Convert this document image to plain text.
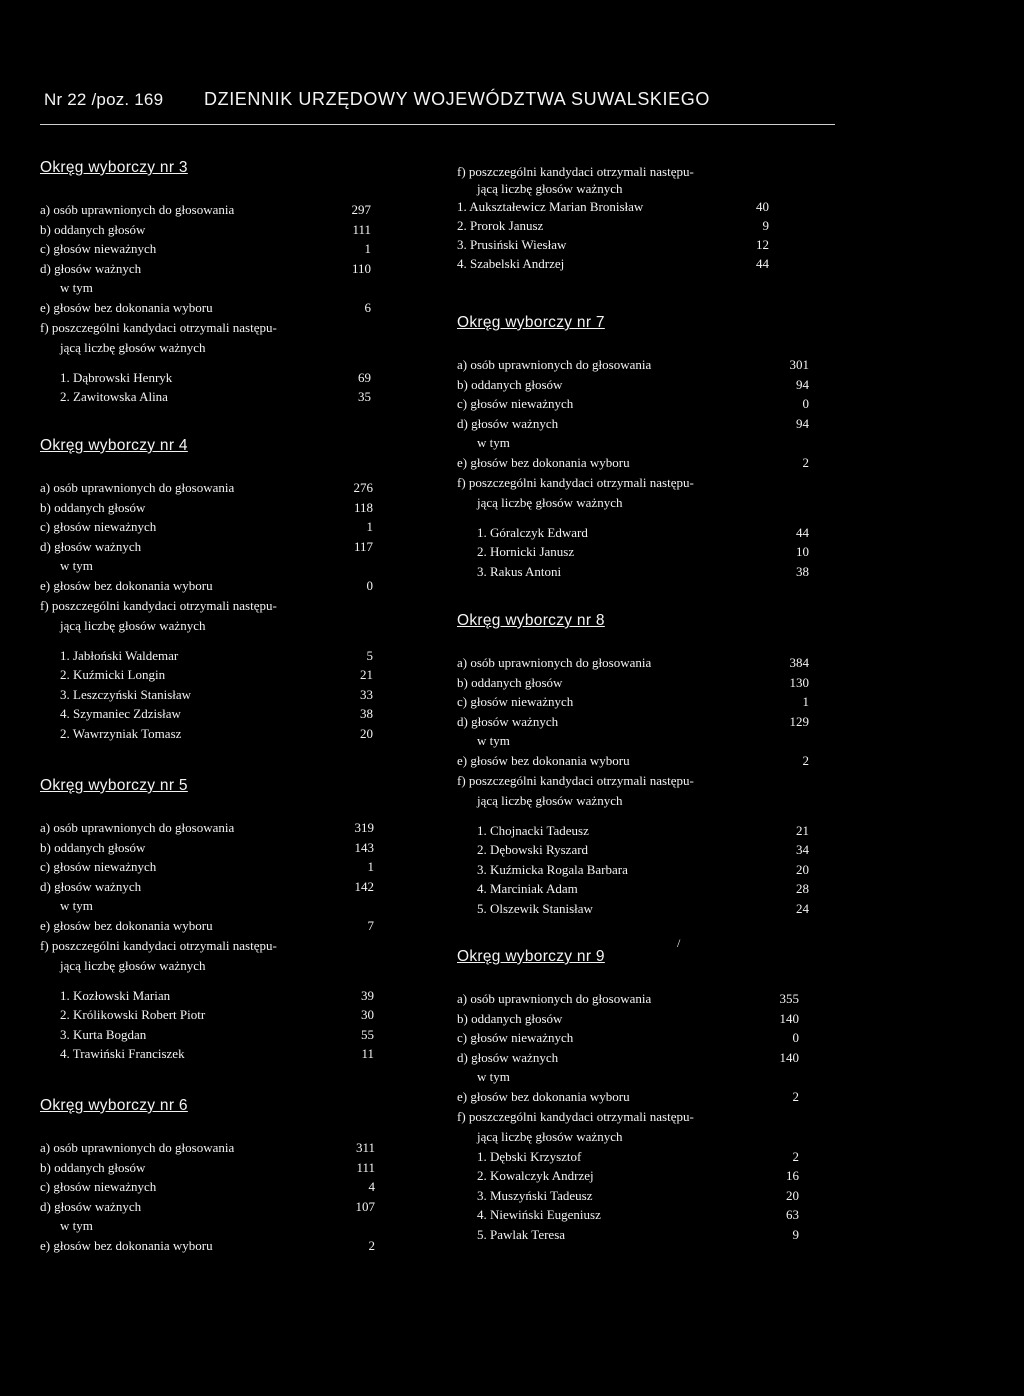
Nr 22 /poz. 169 DZIENNIK URZĘDOWY WOJEWÓDZTWA SUWALSKIEGO
Okręg wyborczy nr 3
a) osób uprawnionych do głosowania	297
b) oddanych głosów	111
c) głosów nieważnych	1
d) głosów ważnych	110
w tym
e) głosów bez dokonania wyboru	6
f) poszczególni kandydaci otrzymali następu-
jącą liczbę głosów ważnych
1. Dąbrowski Henryk	69
2. Zawitowska Alina	35
Okręg wyborczy nr 4
a) osób uprawnionych do głosowania	276
b) oddanych głosów	118
c) głosów nieważnych	1
d) głosów ważnych	117
w tym
e) głosów bez dokonania wyboru	0
f) poszczególni kandydaci otrzymali następu-
jącą liczbę głosów ważnych
1. Jabłoński Waldemar	5
2. Kuźmicki Longin	21
3. Leszczyński Stanisław	33
4. Szymaniec Zdzisław	38
2. Wawrzyniak Tomasz	20
Okręg wyborczy nr 5
a) osób uprawnionych do głosowania	319
b) oddanych głosów	143
c) głosów nieważnych	1
d) głosów ważnych	142
w tym
e) głosów bez dokonania wyboru	7
f) poszczególni kandydaci otrzymali następu-
jącą liczbę głosów ważnych
1. Kozłowski Marian	39
2. Królikowski Robert Piotr	30
3. Kurta Bogdan	55
4. Trawiński Franciszek	11
Okręg wyborczy nr 6
a) osób uprawnionych do głosowania	311
b) oddanych głosów	111
c) głosów nieważnych	4
d) głosów ważnych	107
w tym
e) głosów bez dokonania wyboru	2
f) poszczególni kandydaci otrzymali następu-
jącą liczbę głosów ważnych
1. Aukształewicz Marian Bronisław	40
2. Prorok Janusz	9
3. Prusiński Wiesław	12
4. Szabelski Andrzej	44
Okręg wyborczy nr 7
a) osób uprawnionych do głosowania	301
b) oddanych głosów	94
c) głosów nieważnych	0
d) głosów ważnych	94
w tym
e) głosów bez dokonania wyboru	2
f) poszczególni kandydaci otrzymali następu-
jącą liczbę głosów ważnych
1. Góralczyk Edward	44
2. Hornicki Janusz	10
3. Rakus Antoni	38
Okręg wyborczy nr 8
a) osób uprawnionych do głosowania	384
b) oddanych głosów	130
c) głosów nieważnych	1
d) głosów ważnych	129
w tym
e) głosów bez dokonania wyboru	2
f) poszczególni kandydaci otrzymali następu-
jącą liczbę głosów ważnych
1. Chojnacki Tadeusz	21
2. Dębowski Ryszard	34
3. Kuźmicka Rogala Barbara	20
4. Marciniak Adam	28
5. Olszewik Stanisław	24
Okręg wyborczy nr 9
a) osób uprawnionych do głosowania	355
b) oddanych głosów	140
c) głosów nieważnych	0
d) głosów ważnych	140
w tym
e) głosów bez dokonania wyboru	2
f) poszczególni kandydaci otrzymali następu-
jącą liczbę głosów ważnych
1. Dębski Krzysztof	2
2. Kowalczyk Andrzej	16
3. Muszyński Tadeusz	20
4. Niewiński Eugeniusz	63
5. Pawlak Teresa	9
/
